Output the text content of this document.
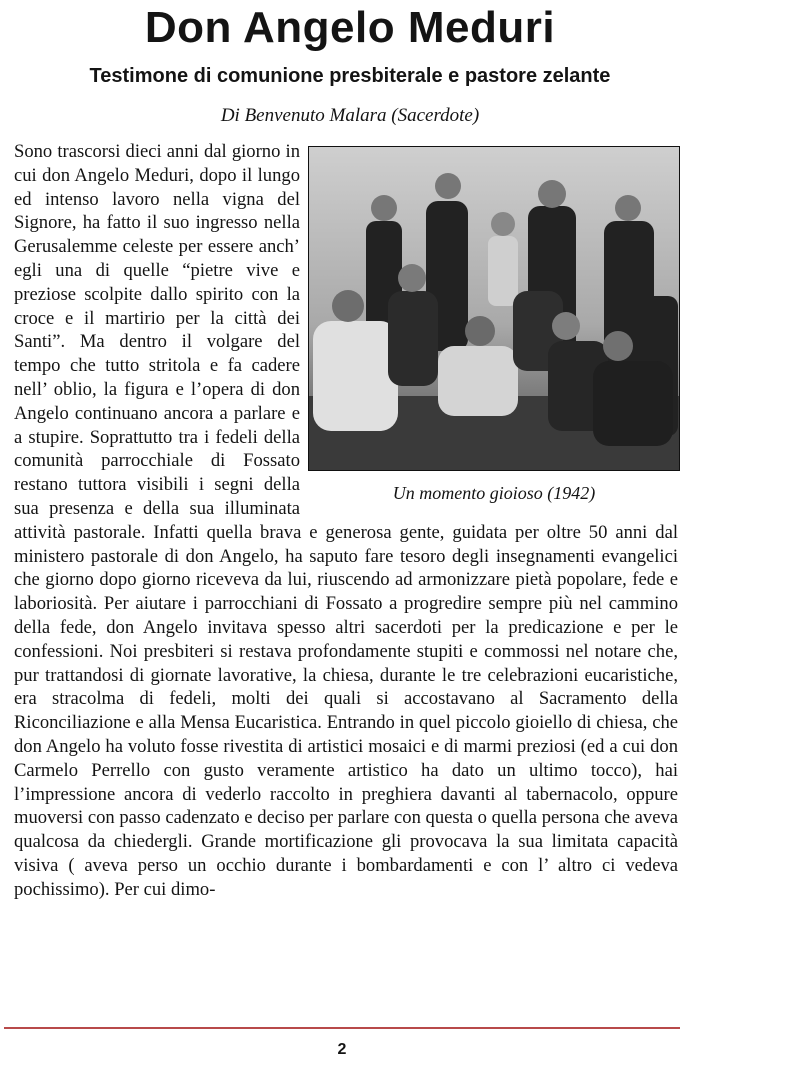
Don Angelo Meduri
Testimone di comunione presbiterale e pastore zelante
Di Benvenuto Malara (Sacerdote)
Un momento gioioso (1942)
Sono trascorsi dieci anni dal giorno in cui don Angelo Meduri, dopo il lungo ed intenso lavoro nella vigna del Signore, ha fatto il suo ingresso nella Gerusalemme celeste per essere anch’ egli una di quelle “pietre vive e preziose scolpite dallo spirito con la croce e il martirio per la città dei Santi”. Ma dentro il volgare del tempo che tutto stritola e fa cadere nell’ oblio, la figura e l’opera di don Angelo continuano ancora a parlare e a stupire. Soprattutto tra i fedeli della comunità parrocchiale di Fossato restano tuttora visibili i segni della sua presenza e della sua illuminata attività pastorale. Infatti quella brava e generosa gente, guidata per oltre 50 anni dal ministero pastorale di don Angelo, ha saputo fare tesoro degli insegnamenti evangelici che giorno dopo giorno riceveva da lui, riuscendo ad armonizzare pietà popolare, fede e laboriosità. Per aiutare i parrocchiani di Fossato a progredire sempre più nel cammino della fede, don Angelo invitava spesso altri sacerdoti per la predicazione e per le confessioni. Noi presbiteri si restava profondamente stupiti e commossi nel notare che, pur trattandosi di giornate lavorative, la chiesa, durante le tre celebrazioni eucaristiche, era stracolma di fedeli, molti dei quali si accostavano al Sacramento della Riconciliazione e alla Mensa Eucaristica. Entrando in quel piccolo gioiello di chiesa, che don Angelo ha voluto fosse rivestita di artistici mosaici e di marmi preziosi (ed a cui don Carmelo Perrello con gusto veramente artistico ha dato un ultimo tocco), hai l’impressione ancora di vederlo raccolto in preghiera davanti al tabernacolo, oppure muoversi con passo cadenzato e deciso per parlare con questa o quella persona che aveva qualcosa da chiedergli. Grande mortificazione gli provocava la sua limitata capacità visiva ( aveva perso un occhio durante i bombardamenti e con l’ altro ci vedeva pochissimo). Per cui dimo-
2
